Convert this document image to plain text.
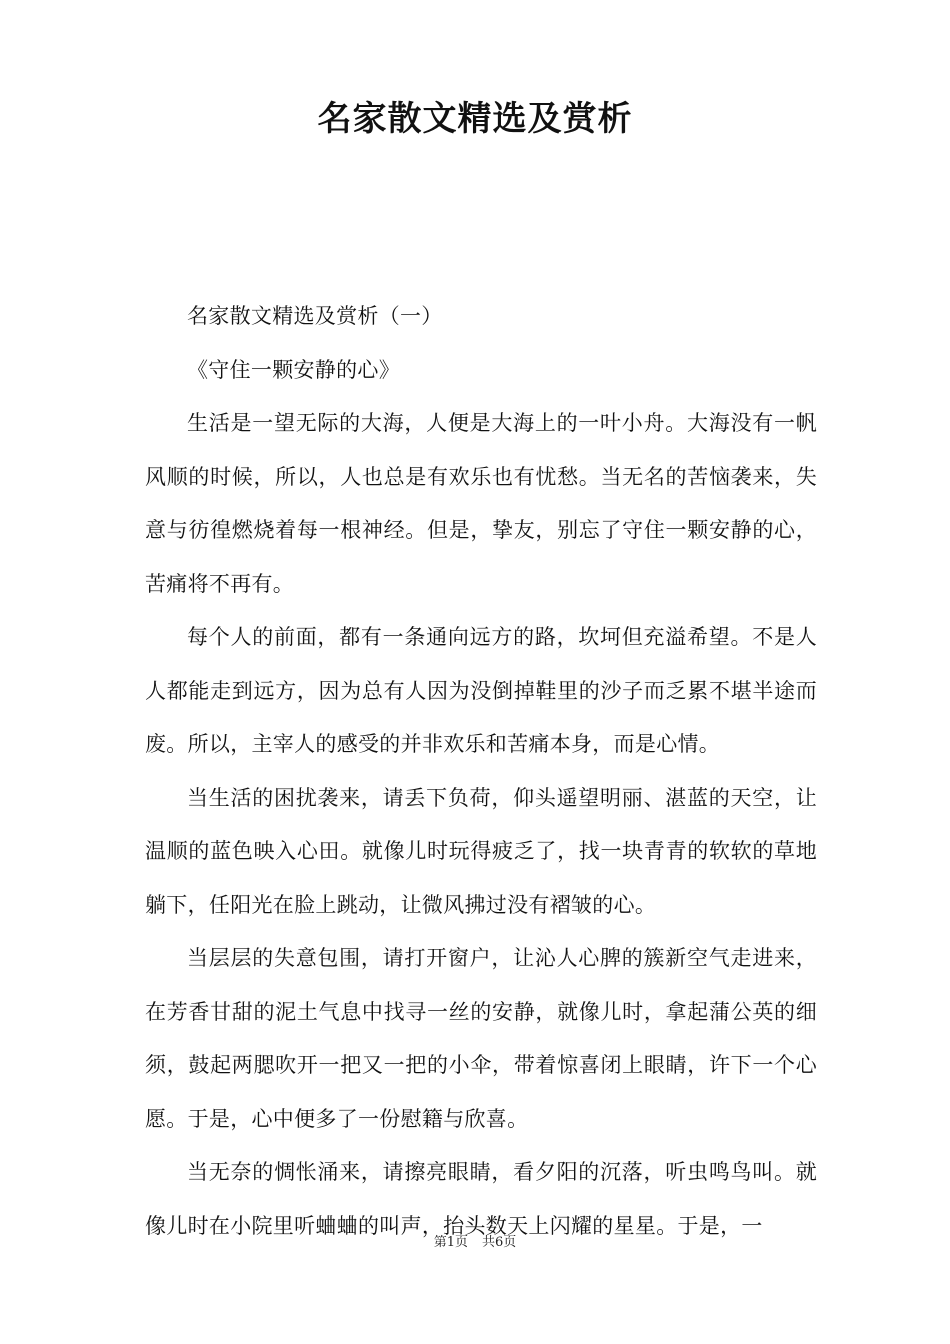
名家散文精选及赏析

名家散文精选及赏析（一）

《守住一颗安静的心》

生活是一望无际的大海，人便是大海上的一叶小舟。大海没有一帆风顺的时候，所以，人也总是有欢乐也有忧愁。当无名的苦恼袭来，失意与彷徨燃烧着每一根神经。但是，挚友，别忘了守住一颗安静的心，苦痛将不再有。

每个人的前面，都有一条通向远方的路，坎坷但充溢希望。不是人人都能走到远方，因为总有人因为没倒掉鞋里的沙子而乏累不堪半途而废。所以，主宰人的感受的并非欢乐和苦痛本身，而是心情。

当生活的困扰袭来，请丢下负荷，仰头遥望明丽、湛蓝的天空，让温顺的蓝色映入心田。就像儿时玩得疲乏了，找一块青青的软软的草地躺下，任阳光在脸上跳动，让微风拂过没有褶皱的心。

当层层的失意包围，请打开窗户，让沁人心脾的簇新空气走进来，在芳香甘甜的泥土气息中找寻一丝的安静，就像儿时，拿起蒲公英的细须，鼓起两腮吹开一把又一把的小伞，带着惊喜闭上眼睛，许下一个心愿。于是，心中便多了一份慰籍与欣喜。

当无奈的惆怅涌来，请擦亮眼睛，看夕阳的沉落，听虫鸣鸟叫。就像儿时在小院里听蛐蛐的叫声，抬头数天上闪耀的星星。于是，一

第1页 共6页
